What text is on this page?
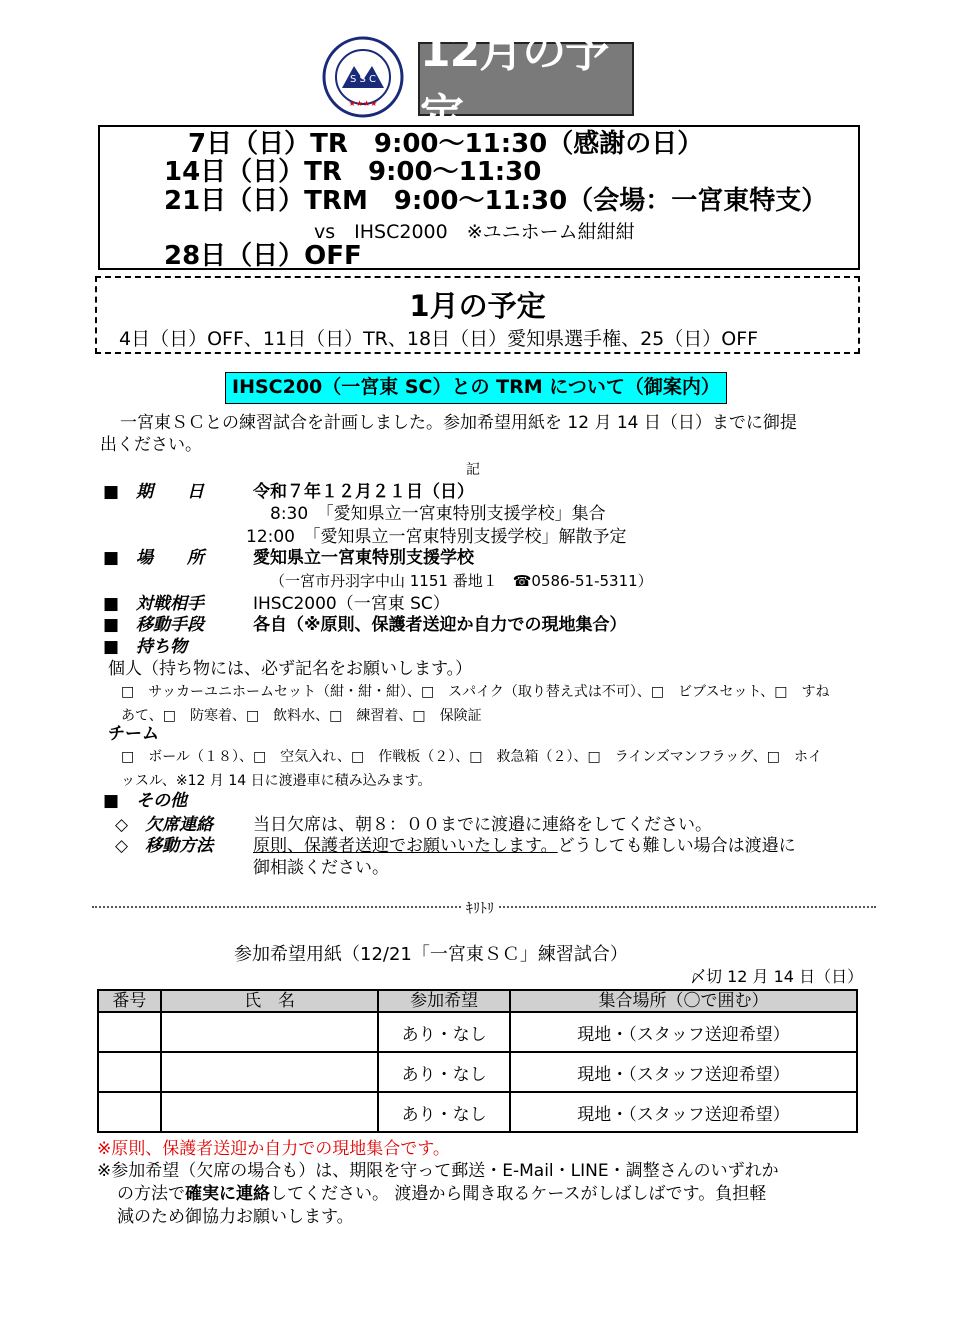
S S C
★★★★
12月の予定
7日（日）TR　9:00～11:30（感謝の日）
14日（日）TR　9:00～11:30
21日（日）TRM　9:00～11:30（会場：一宮東特支）
vs　IHSC2000　※ユニホーム紺紺紺
28日（日）OFF
1月の予定
4日（日）OFF、11日（日）TR、18日（日）愛知県選手権、25（日）OFF
IHSC200（一宮東 SC）との TRM について（御案内）
一宮東ＳＣとの練習試合を計画しました。参加希望用紙を 12 月 14 日（日）までに御提
出ください。
記
■　期　　日	令和７年１２月２１日（日）
8:30　「愛知県立一宮東特別支援学校」集合
12:00　「愛知県立一宮東特別支援学校」解散予定
■　場　　所	愛知県立一宮東特別支援学校
（一宮市丹羽字中山 1151 番地１　☎0586-51-5311）
■　対戦相手	IHSC2000（一宮東 SC）
■　移動手段	各自（※原則、保護者送迎か自力での現地集合）
■　持ち物
個人（持ち物には、必ず記名をお願いします。）
□　サッカーユニホームセット（紺・紺・紺）、□　スパイク（取り替え式は不可）、□　ビブスセット、□　すね
あて、□　防寒着、□　飲料水、□　練習着、□　保険証
チーム
□　ボール（１８）、□　空気入れ、□　作戦板（２）、□　救急箱（２）、□　ラインズマンフラッグ、□　ホイ
ッスル、※12 月 14 日に渡邉車に積み込みます。
■　その他
◇　欠席連絡 当日欠席は、朝８：００までに渡邉に連絡をしてください。
◇　移動方法 原則、保護者送迎でお願いいたします。どうしても難しい場合は渡邉に
御相談ください。
ｷﾘﾄﾘ
参加希望用紙（12/21「一宮東ＳＣ」練習試合）
〆切 12 月 14 日（日）
番号	氏　名	参加希望	集合場所（〇で囲む）
		あり・なし	現地・（スタッフ送迎希望）
		あり・なし	現地・（スタッフ送迎希望）
		あり・なし	現地・（スタッフ送迎希望）
※原則、保護者送迎か自力での現地集合です。
※参加希望（欠席の場合も）は、期限を守って郵送・E-Mail・LINE・調整さんのいずれか
の方法で確実に連絡してください。 渡邉から聞き取るケースがしばしばです。負担軽
減のため御協力お願いします。
